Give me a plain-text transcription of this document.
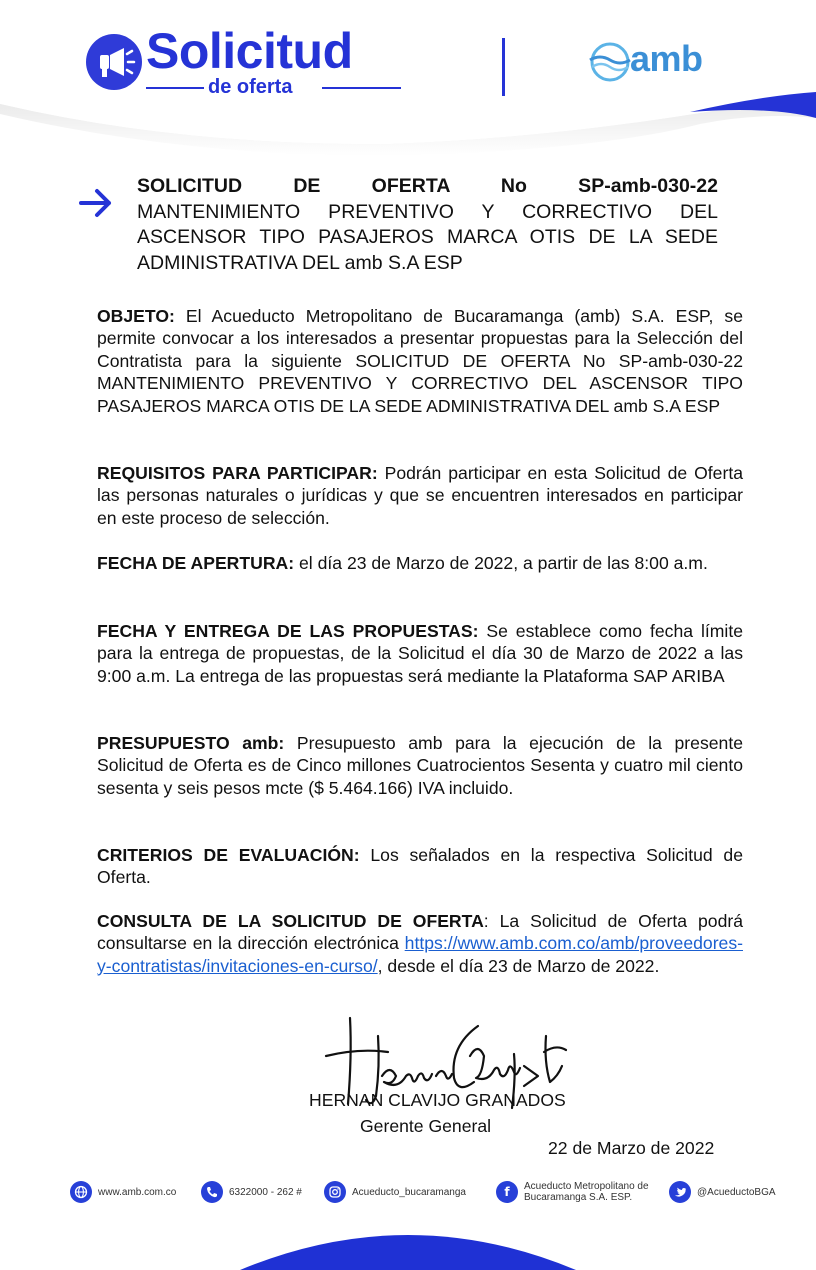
Solicitud
de oferta
amb
SOLICITUD DE OFERTA No SP-amb-030-22
MANTENIMIENTO PREVENTIVO Y CORRECTIVO DEL ASCENSOR TIPO PASAJEROS MARCA OTIS DE LA SEDE ADMINISTRATIVA DEL amb S.A ESP
OBJETO: El Acueducto Metropolitano de Bucaramanga (amb) S.A. ESP, se permite convocar a los interesados a presentar propuestas para la Selección del Contratista para la siguiente SOLICITUD DE OFERTA No SP-amb-030-22 MANTENIMIENTO PREVENTIVO Y CORRECTIVO DEL ASCENSOR TIPO PASAJEROS MARCA OTIS DE LA SEDE ADMINISTRATIVA DEL amb S.A ESP
REQUISITOS PARA PARTICIPAR: Podrán participar en esta Solicitud de Oferta las personas naturales o jurídicas y que se encuentren interesados en participar en este proceso de selección.
FECHA DE APERTURA: el día 23 de Marzo de 2022, a partir de las 8:00 a.m.
FECHA Y ENTREGA DE LAS PROPUESTAS: Se establece como fecha límite para la entrega de propuestas, de la Solicitud el día 30 de Marzo de 2022 a las 9:00 a.m. La entrega de las propuestas será mediante la Plataforma SAP ARIBA
PRESUPUESTO amb: Presupuesto amb para la ejecución de la presente Solicitud de Oferta es de Cinco millones Cuatrocientos Sesenta y cuatro mil ciento sesenta y seis pesos mcte ($ 5.464.166) IVA incluido.
CRITERIOS DE EVALUACIÓN: Los señalados en la respectiva Solicitud de Oferta.
CONSULTA DE LA SOLICITUD DE OFERTA: La Solicitud de Oferta podrá consultarse en la dirección electrónica https://www.amb.com.co/amb/proveedores-y-contratistas/invitaciones-en-curso/, desde el día 23 de Marzo de 2022.
HERNAN CLAVIJO GRANADOS
Gerente General
22 de Marzo de 2022
www.amb.com.co	6322000 - 262 #	Acueducto_bucaramanga	f	Acueducto Metropolitano de Bucaramanga S.A. ESP.	@AcueductoBGA
